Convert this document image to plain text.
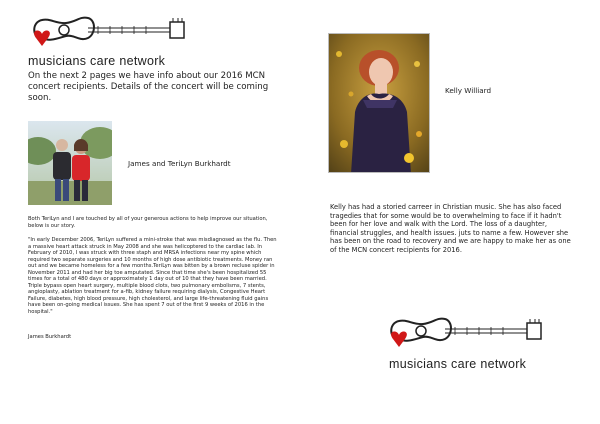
musicians care network
On the next 2 pages we have info about our 2016 MCN concert recipients. Details of the concert will be coming soon.
James and TeriLyn Burkhardt
Both TeriLyn and I are touched by all of your generous actions to help improve our situation, below is our story.
"In early December 2006, TeriLyn suffered a mini-stroke that was misdiagnosed as the flu. Then a massive heart attack struck in May 2008 and she was helicoptered to the cardiac lab. In February of 2010, I was struck with three staph and MRSA infections near my spine which required two separate surgeries and 10 months of high dose antibiotic treatments. Money ran out and we became homeless for a few months.TeriLyn was bitten by a brown recluse spider in November 2011 and had her big toe amputated. Since that time she's been hospitalized 55 times for a total of 480 days or approximately 1 day out of 10 that they have been married. Triple bypass open heart surgery, multiple blood clots, two pulmonary embolisms, 7 stents, angioplasty, ablation treatment for a-fib, kidney failure requiring dialysis, Congestive Heart Failure, diabetes, high blood pressure, high cholesterol, and large life-threatening fluid gains have been on-going medical issues. She has spent 7 out of the first 9 weeks of 2016 in the hospital."
James Burkhardt
Kelly Williard
Kelly has had a storied carreer in Christian music. She has also faced tragedies that for some would be to overwhelming to face if it hadn't been for her love and walk with the Lord. The loss of a daughter, financial struggles, and health issues. juts to name a few. However she has been on the road to recovery and we are happy to make her as one of the MCN concert recipients for 2016.
musicians care network
